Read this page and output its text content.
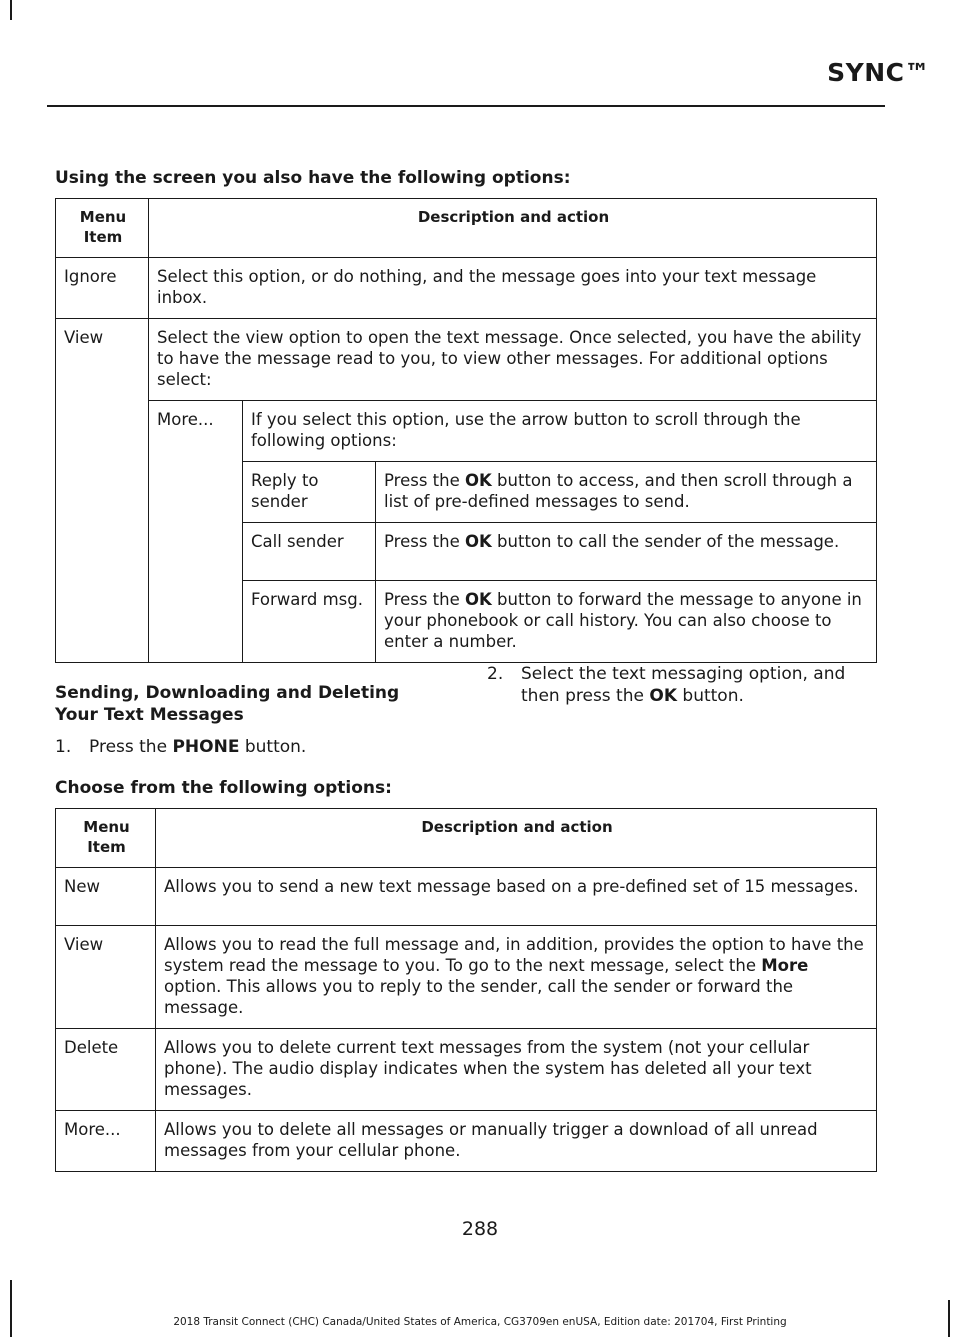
SYNC™

Using the screen you also have the following options:

Menu Item	Description and action		
Ignore	Select this option, or do nothing, and the message goes into your text message inbox.		
View	Select the view option to open the text message. Once selected, you have the ability to have the message read to you, to view other messages. For additional options select:		
	More...	If you select this option, use the arrow button to scroll through the following options:	
		Reply to sender	Press the OK button to access, and then scroll through a list of pre-defined messages to send.
		Call sender	Press the OK button to call the sender of the message.
		Forward msg.	Press the OK button to forward the message to anyone in your phonebook or call history. You can also choose to enter a number.

Sending, Downloading and Deleting Your Text Messages

1. Press the PHONE button.

2.	Select the text messaging option, and then press the OK button.

Choose from the following options:

Menu Item	Description and action
New	Allows you to send a new text message based on a pre-defined set of 15 messages.
View	Allows you to read the full message and, in addition, provides the option to have the system read the message to you. To go to the next message, select the More option. This allows you to reply to the sender, call the sender or forward the message.
Delete	Allows you to delete current text messages from the system (not your cellular phone). The audio display indicates when the system has deleted all your text messages.
More...	Allows you to delete all messages or manually trigger a download of all unread messages from your cellular phone.
288
2018 Transit Connect (CHC) Canada/United States of America, CG3709en enUSA, Edition date: 201704, First Printing
